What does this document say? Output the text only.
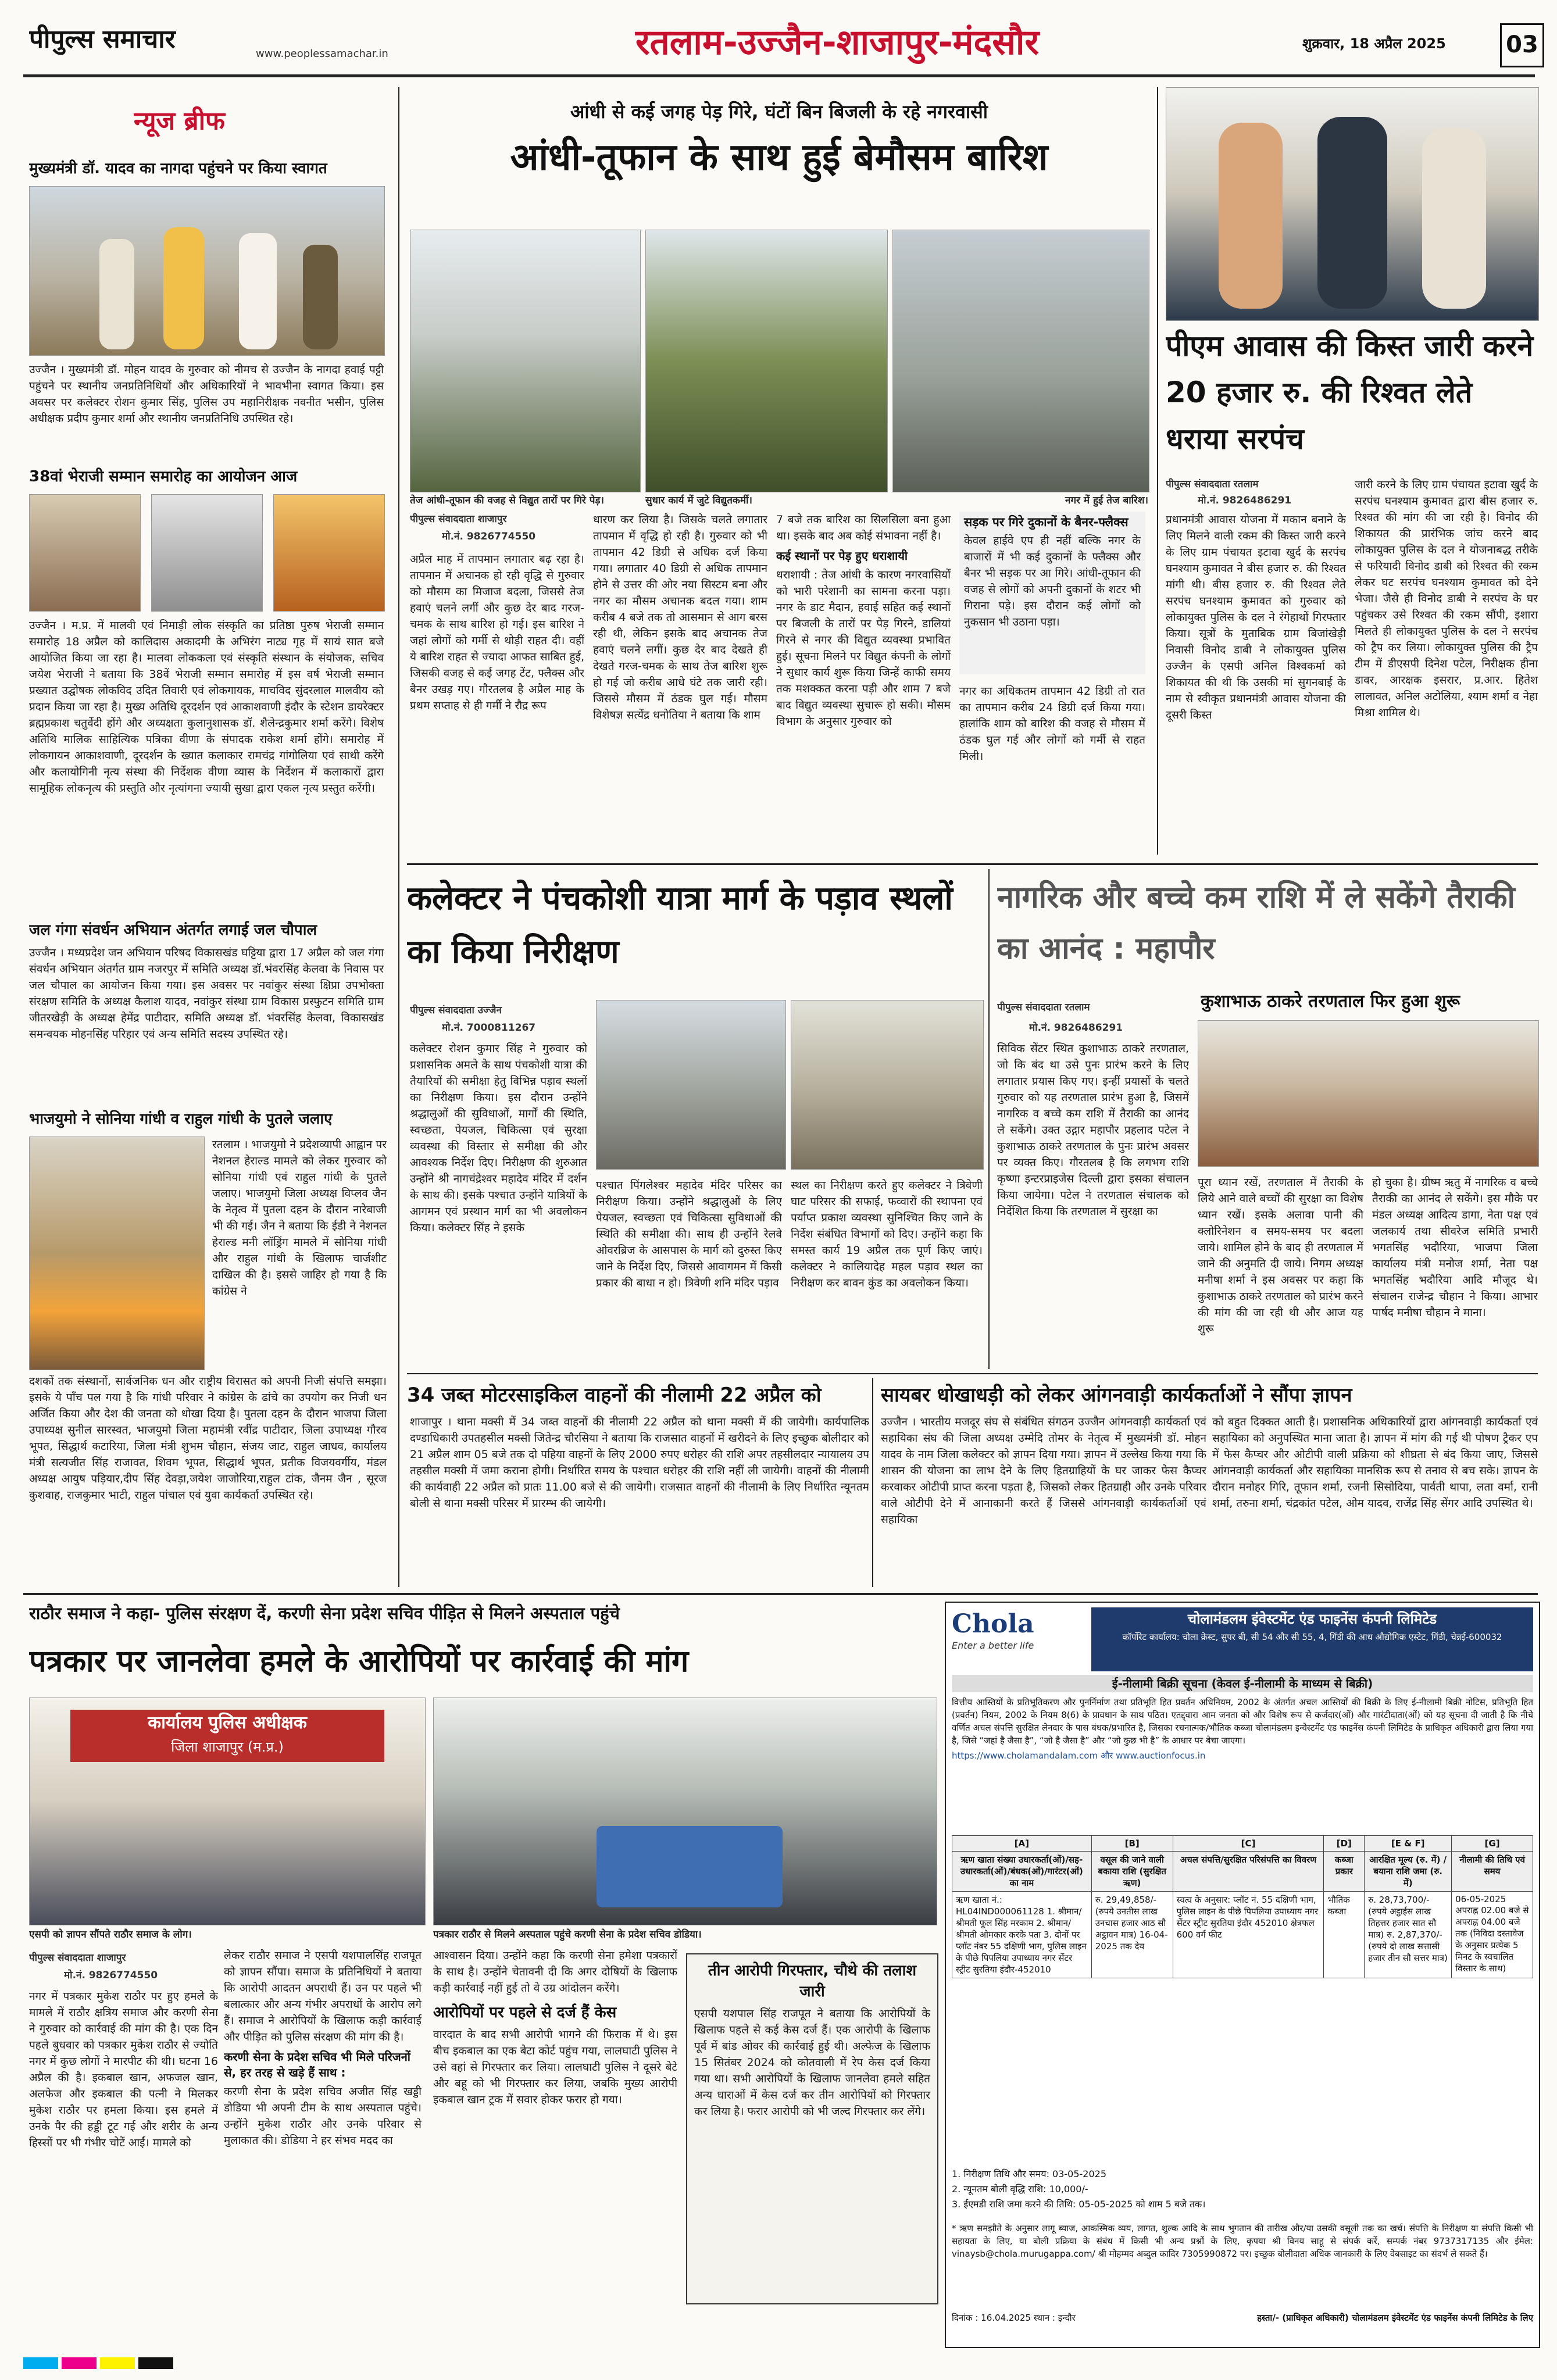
पीपुल्स समाचार	www.peoplessamachar.in	रतलाम-उज्जैन-शाजापुर-मंदसौर	शुक्रवार, 18 अप्रैल 2025	03
न्यूज ब्रीफ
मुख्यमंत्री डॉ. यादव का नागदा पहुंचने पर किया स्वागत
उज्जैन । मुख्यमंत्री डॉ. मोहन यादव के गुरुवार को नीमच से उज्जैन के नागदा हवाई पट्टी पहुंचने पर स्थानीय जनप्रतिनिधियों और अधिकारियों ने भावभीना स्वागत किया। इस अवसर पर कलेक्टर रोशन कुमार सिंह, पुलिस उप महानिरीक्षक नवनीत भसीन, पुलिस अधीक्षक प्रदीप कुमार शर्मा और स्थानीय जनप्रतिनिधि उपस्थित रहे।
38वां भेराजी सम्मान समारोह का आयोजन आज
उज्जैन । म.प्र. में मालवी एवं निमाड़ी लोक संस्कृति का प्रतिष्ठा पुरुष भेराजी सम्मान समारोह 18 अप्रैल को कालिदास अकादमी के अभिरंग नाट्य गृह में सायं सात बजे आयोजित किया जा रहा है। मालवा लोककला एवं संस्कृति संस्थान के संयोजक, सचिव जयेश भेराजी ने बताया कि 38वें भेराजी सम्मान समारोह में इस वर्ष भेराजी सम्मान प्रख्यात उद्घोषक लोकविद उदित तिवारी एवं लोकगायक, माचविद सुंदरलाल मालवीय को प्रदान किया जा रहा है। मुख्य अतिथि दूरदर्शन एवं आकाशवाणी इंदौर के स्टेशन डायरेक्टर ब्रह्मप्रकाश चतुर्वेदी होंगे और अध्यक्षता कुलानुशासक डॉ. शैलेन्द्रकुमार शर्मा करेंगे। विशेष अतिथि मालिक साहित्यिक पत्रिका वीणा के संपादक राकेश शर्मा होंगे। समारोह में लोकगायन आकाशवाणी, दूरदर्शन के ख्यात कलाकार रामचंद्र गांगोलिया एवं साथी करेंगे और कलायोगिनी नृत्य संस्था की निर्देशक वीणा व्यास के निर्देशन में कलाकारों द्वारा सामूहिक लोकनृत्य की प्रस्तुति और नृत्यांगना ज्यायी सुखा द्वारा एकल नृत्य प्रस्तुत करेंगी।
जल गंगा संवर्धन अभियान अंतर्गत लगाई जल चौपाल
उज्जैन । मध्यप्रदेश जन अभियान परिषद विकासखंड घट्टिया द्वारा 17 अप्रैल को जल गंगा संवर्धन अभियान अंतर्गत ग्राम नजरपुर में समिति अध्यक्ष डॉ.भंवरसिंह केलवा के निवास पर जल चौपाल का आयोजन किया गया। इस अवसर पर नवांकुर संस्था क्षिप्रा उपभोक्ता संरक्षण समिति के अध्यक्ष कैलाश यादव, नवांकुर संस्था ग्राम विकास प्रस्फुटन समिति ग्राम जीतरखेड़ी के अध्यक्ष हेमेंद्र पाटीदार, समिति अध्यक्ष डॉ. भंवरसिंह केलवा, विकासखंड समन्वयक मोहनसिंह परिहार एवं अन्य समिति सदस्य उपस्थित रहे।
भाजयुमो ने सोनिया गांधी व राहुल गांधी के पुतले जलाए
रतलाम । भाजयुमो ने प्रदेशव्यापी आह्वान पर नेशनल हेराल्ड मामले को लेकर गुरुवार को सोनिया गांधी एवं राहुल गांधी के पुतले जलाए। भाजयुमो जिला अध्यक्ष विप्लव जैन के नेतृत्व में पुतला दहन के दौरान नारेबाजी भी की गई। जैन ने बताया कि ईडी ने नेशनल हेराल्ड मनी लॉड्रिंग मामले में सोनिया गांधी और राहुल गांधी के खिलाफ चार्जशीट दाखिल की है। इससे जाहिर हो गया है कि कांग्रेस ने
दशकों तक संस्थानों, सार्वजनिक धन और राष्ट्रीय विरासत को अपनी निजी संपत्ति समझा। इसके ये पाँच पल गया है कि गांधी परिवार ने कांग्रेस के ढांचे का उपयोग कर निजी धन अर्जित किया और देश की जनता को धोखा दिया है। पुतला दहन के दौरान भाजपा जिला उपाध्यक्ष सुनील सारस्वत, भाजयुमो जिला महामंत्री रवींद्र पाटीदार, जिला उपाध्यक्ष गौरव भूपत, सिद्धार्थ कटारिया, जिला मंत्री शुभम चौहान, संजय जाट, राहुल जाधव, कार्यालय मंत्री सत्यजीत सिंह राजावत, शिवम भूपत, सिद्धार्थ भूपत, प्रतीक विजयवर्गीय, मंडल अध्यक्ष आयुष पड़ियार,दीप सिंह देवड़ा,जयेश जाजोरिया,राहुल टांक, जैनम जैन , सूरज कुशवाह, राजकुमार भाटी, राहुल पांचाल एवं युवा कार्यकर्ता उपस्थित रहे।
आंधी से कई जगह पेड़ गिरे, घंटों बिन बिजली के रहे नगरवासी
आंधी-तूफान के साथ हुई बेमौसम बारिश
तेज आंधी-तूफान की वजह से विद्युत तारों पर गिरे पेड़।	सुधार कार्य में जुटे विद्युतकर्मी।	नगर में हुई तेज बारिश।
पीपुल्स संवाददाता शाजापुर
मो.नं. 9826774550
अप्रैल माह में तापमान लगातार बढ़ रहा है। तापमान में अचानक हो रही वृद्धि से गुरुवार को मौसम का मिजाज बदला, जिससे तेज हवाएं चलने लगीं और कुछ देर बाद गरज-चमक के साथ बारिश हो गई। इस बारिश ने जहां लोगों को गर्मी से थोड़ी राहत दी। वहीं ये बारिश राहत से ज्यादा आफत साबित हुई, जिसकी वजह से कई जगह टेंट, फ्लैक्स और बैनर उखड़ गए। गौरतलब है अप्रैल माह के प्रथम सप्ताह से ही गर्मी ने रौद्र रूप
धारण कर लिया है। जिसके चलते लगातार तापमान में वृद्धि हो रही है। गुरुवार को भी तापमान 42 डिग्री से अधिक दर्ज किया गया। लगातार 40 डिग्री से अधिक तापमान होने से उत्तर की ओर नया सिस्टम बना और नगर का मौसम अचानक बदल गया। शाम करीब 4 बजे तक तो आसमान से आग बरस रही थी, लेकिन इसके बाद अचानक तेज हवाएं चलने लगीं। कुछ देर बाद देखते ही देखते गरज-चमक के साथ तेज बारिश शुरू हो गई जो करीब आधे घंटे तक जारी रही। जिससे मौसम में ठंडक घुल गई। मौसम विशेषज्ञ सत्येंद्र धनोतिया ने बताया कि शाम
7 बजे तक बारिश का सिलसिला बना हुआ था। इसके बाद अब कोई संभावना नहीं है।
कई स्थानों पर पेड़ हुए धराशायी
धराशायी : तेज आंधी के कारण नगरवासियों को भारी परेशानी का सामना करना पड़ा। नगर के डाट मैदान, हवाई सहित कई स्थानों पर बिजली के तारों पर पेड़ गिरने, डालियां गिरने से नगर की विद्युत व्यवस्था प्रभावित हुई। सूचना मिलने पर विद्युत कंपनी के लोगों ने सुधार कार्य शुरू किया जिन्हें काफी समय तक मशक्कत करना पड़ी और शाम 7 बजे बाद विद्युत व्यवस्था सुचारू हो सकी। मौसम विभाग के अनुसार गुरुवार को
सड़क पर गिरे दुकानों के बैनर-फ्लैक्स
केवल हाईवे एप ही नहीं बल्कि नगर के बाजारों में भी कई दुकानों के फ्लैक्स और बैनर भी सड़क पर आ गिरे। आंधी-तूफान की वजह से लोगों को अपनी दुकानों के शटर भी गिराना पड़े। इस दौरान कई लोगों को नुकसान भी उठाना पड़ा।
नगर का अधिकतम तापमान 42 डिग्री तो रात का तापमान करीब 24 डिग्री दर्ज किया गया। हालांकि शाम को बारिश की वजह से मौसम में ठंडक घुल गई और लोगों को गर्मी से राहत मिली।
पीएम आवास की किस्त जारी करने 20 हजार रु. की रिश्वत लेते धराया सरपंच
पीपुल्स संवाददाता रतलाम
मो.नं. 9826486291
प्रधानमंत्री आवास योजना में मकान बनाने के लिए मिलने वाली रकम की किस्त जारी करने के लिए ग्राम पंचायत इटावा खुर्द के सरपंच घनश्याम कुमावत ने बीस हजार रु. की रिश्वत मांगी थी। बीस हजार रु. की रिश्वत लेते सरपंच घनश्याम कुमावत को गुरुवार को लोकायुक्त पुलिस के दल ने रंगेहाथों गिरफ्तार किया। सूत्रों के मुताबिक ग्राम बिजांखेड़ी निवासी विनोद डाबी ने लोकायुक्त पुलिस उज्जैन के एसपी अनिल विश्वकर्मा को शिकायत की थी कि उसकी मां सुगनबाई के नाम से स्वीकृत प्रधानमंत्री आवास योजना की दूसरी किस्त
जारी करने के लिए ग्राम पंचायत इटावा खुर्द के सरपंच घनश्याम कुमावत द्वारा बीस हजार रु. रिश्वत की मांग की जा रही है। विनोद की शिकायत की प्रारंभिक जांच करने बाद लोकायुक्त पुलिस के दल ने योजनाबद्ध तरीके से फरियादी विनोद डाबी को रिश्वत की रकम लेकर घट सरपंच घनश्याम कुमावत को देने भेजा। जैसे ही विनोद डाबी ने सरपंच के घर पहुंचकर उसे रिश्वत की रकम सौंपी, इशारा मिलते ही लोकायुक्त पुलिस के दल ने सरपंच को ट्रैप कर लिया। लोकायुक्त पुलिस की ट्रैप टीम में डीएसपी दिनेश पटेल, निरीक्षक हीना डावर, आरक्षक इसरार, प्र.आर. हितेश लालावत, अनिल अटोलिया, श्याम शर्मा व नेहा मिश्रा शामिल थे।
कलेक्टर ने पंचकोशी यात्रा मार्ग के पड़ाव स्थलों का किया निरीक्षण
पीपुल्स संवाददाता उज्जैन
मो.नं. 7000811267
कलेक्टर रोशन कुमार सिंह ने गुरुवार को प्रशासनिक अमले के साथ पंचकोशी यात्रा की तैयारियों की समीक्षा हेतु विभिन्न पड़ाव स्थलों का निरीक्षण किया। इस दौरान उन्होंने श्रद्धालुओं की सुविधाओं, मार्गों की स्थिति, स्वच्छता, पेयजल, चिकित्सा एवं सुरक्षा व्यवस्था की विस्तार से समीक्षा की और आवश्यक निर्देश दिए। निरीक्षण की शुरुआत उन्होंने श्री नागचंद्रेश्वर महादेव मंदिर में दर्शन के साथ की। इसके पश्चात उन्होंने यात्रियों के आगमन एवं प्रस्थान मार्ग का भी अवलोकन किया। कलेक्टर सिंह ने इसके
पश्चात पिंगलेश्वर महादेव मंदिर परिसर का निरीक्षण किया। उन्होंने श्रद्धालुओं के लिए पेयजल, स्वच्छता एवं चिकित्सा सुविधाओं की स्थिति की समीक्षा की। साथ ही उन्होंने रेलवे ओवरब्रिज के आसपास के मार्ग को दुरुस्त किए जाने के निर्देश दिए, जिससे आवागमन में किसी प्रकार की बाधा न हो। त्रिवेणी शनि मंदिर पड़ाव
स्थल का निरीक्षण करते हुए कलेक्टर ने त्रिवेणी घाट परिसर की सफाई, फव्वारों की स्थापना एवं पर्याप्त प्रकाश व्यवस्था सुनिश्चित किए जाने के निर्देश संबंधित विभागों को दिए। उन्होंने कहा कि समस्त कार्य 19 अप्रैल तक पूर्ण किए जाएं। कलेक्टर ने कालियादेह महल पड़ाव स्थल का निरीक्षण कर बावन कुंड का अवलोकन किया।
नागरिक और बच्चे कम राशि में ले सकेंगे तैराकी का आनंद : महापौर
कुशाभाऊ ठाकरे तरणताल फिर हुआ शुरू
पीपुल्स संवाददाता रतलाम
मो.नं. 9826486291
सिविक सेंटर स्थित कुशाभाऊ ठाकरे तरणताल, जो कि बंद था उसे पुनः प्रारंभ करने के लिए लगातार प्रयास किए गए। इन्हीं प्रयासों के चलते गुरुवार को यह तरणताल प्रारंभ हुआ है, जिसमें नागरिक व बच्चे कम राशि में तैराकी का आनंद ले सकेंगे। उक्त उद्गार महापौर प्रहलाद पटेल ने कुशाभाऊ ठाकरे तरणताल के पुनः प्रारंभ अवसर पर व्यक्त किए। गौरतलब है कि लगभग राशि कृष्णा इन्टरप्राइजेस दिल्ली द्वारा इसका संचालन किया जायेगा। पटेल ने तरणताल संचालक को निर्देशित किया कि तरणताल में सुरक्षा का
पूरा ध्यान रखें, तरणताल में तैराकी के लिये आने वाले बच्चों की सुरक्षा का विशेष ध्यान रखें। इसके अलावा पानी की क्लोरिनेशन व समय-समय पर बदला जाये। शामिल होने के बाद ही तरणताल में जाने की अनुमति दी जाये। निगम अध्यक्ष मनीषा शर्मा ने इस अवसर पर कहा कि कुशाभाऊ ठाकरे तरणताल को प्रारंभ करने की मांग की जा रही थी और आज यह शुरू
हो चुका है। ग्रीष्म ऋतु में नागरिक व बच्चे तैराकी का आनंद ले सकेंगे। इस मौके पर मंडल अध्यक्ष आदित्य डागा, नेता पक्ष एवं जलकार्य तथा सीवरेज समिति प्रभारी भगतसिंह भदौरिया, भाजपा जिला कार्यालय मंत्री मनोज शर्मा, नेता पक्ष भगतसिंह भदौरिया आदि मौजूद थे। संचालन राजेन्द्र चौहान ने किया। आभार पार्षद मनीषा चौहान ने माना।
34 जब्त मोटरसाइकिल वाहनों की नीलामी 22 अप्रैल को
शाजापुर । थाना मक्सी में 34 जब्त वाहनों की नीलामी 22 अप्रैल को थाना मक्सी में की जायेगी। कार्यपालिक दण्डाधिकारी उपतहसील मक्सी जितेन्द्र चौरसिया ने बताया कि राजसात वाहनों में खरीदने के लिए इच्छुक बोलीदार को 21 अप्रैल शाम 05 बजे तक दो पहिया वाहनों के लिए 2000 रुपए धरोहर की राशि अपर तहसीलदार न्यायालय उप तहसील मक्सी में जमा कराना होगी। निर्धारित समय के पश्चात धरोहर की राशि नहीं ली जायेगी। वाहनों की नीलामी की कार्यवाही 22 अप्रैल को प्रातः 11.00 बजे से की जायेगी। राजसात वाहनों की नीलामी के लिए निर्धारित न्यूनतम बोली से थाना मक्सी परिसर में प्रारम्भ की जायेगी।
सायबर धोखाधड़ी को लेकर आंगनवाड़ी कार्यकर्ताओं ने सौंपा ज्ञापन
उज्जैन । भारतीय मजदूर संघ से संबंधित संगठन उज्जैन आंगनवाड़ी कार्यकर्ता एवं सहायिका संघ की जिला अध्यक्ष उम्मेदि तोमर के नेतृत्व में मुख्यमंत्री डॉ. मोहन यादव के नाम जिला कलेक्टर को ज्ञापन दिया गया। ज्ञापन में उल्लेख किया गया कि शासन की योजना का लाभ देने के लिए हितग्राहियों के घर जाकर फेस कैप्चर करवाकर ओटीपी प्राप्त करना पड़ता है, जिसको लेकर हितग्राही और उनके परिवार वाले ओटीपी देने में आनाकानी करते हैं जिससे आंगनवाड़ी कार्यकर्ताओं एवं सहायिका
को बहुत दिक्कत आती है। प्रशासनिक अधिकारियों द्वारा आंगनवाड़ी कार्यकर्ता एवं सहायिका को अनुपस्थित माना जाता है। ज्ञापन में मांग की गई थी पोषण ट्रैकर एप में फेस कैप्चर और ओटीपी वाली प्रक्रिया को शीघ्रता से बंद किया जाए, जिससे आंगनवाड़ी कार्यकर्ता और सहायिका मानसिक रूप से तनाव से बच सके। ज्ञापन के दौरान मनोहर गिरि, तूफान शर्मा, रजनी सिसोदिया, पार्वती थापा, लता वर्मा, रानी शर्मा, तरुना शर्मा, चंद्रकांत पटेल, ओम यादव, राजेंद्र सिंह सेंगर आदि उपस्थित थे।
राठौर समाज ने कहा- पुलिस संरक्षण दें, करणी सेना प्रदेश सचिव पीड़ित से मिलने अस्पताल पहुंचे
पत्रकार पर जानलेवा हमले के आरोपियों पर कार्रवाई की मांग
कार्यालय पुलिस अधीक्षक
जिला शाजापुर (म.प्र.)
एसपी को ज्ञापन सौंपते राठौर समाज के लोग।	पत्रकार राठौर से मिलने अस्पताल पहुंचे करणी सेना के प्रदेश सचिव डोडिया।
पीपुल्स संवाददाता शाजापुर
मो.नं. 9826774550
नगर में पत्रकार मुकेश राठौर पर हुए हमले के मामले में राठौर क्षत्रिय समाज और करणी सेना ने गुरुवार को कार्रवाई की मांग की है। एक दिन पहले बुधवार को पत्रकार मुकेश राठौर से ज्योति नगर में कुछ लोगों ने मारपीट की थी। घटना 16 अप्रैल की है। इकबाल खान, अफजल खान, अलफेज और इकबाल की पत्नी ने मिलकर मुकेश राठौर पर हमला किया। इस हमले में उनके पैर की हड्डी टूट गई और शरीर के अन्य हिस्सों पर भी गंभीर चोटें आईं। मामले को
लेकर राठौर समाज ने एसपी यशपालसिंह राजपूत को ज्ञापन सौंपा। समाज के प्रतिनिधियों ने बताया कि आरोपी आदतन अपराधी हैं। उन पर पहले भी बलात्कार और अन्य गंभीर अपराधों के आरोप लगे हैं। समाज ने आरोपियों के खिलाफ कड़ी कार्रवाई और पीड़ित को पुलिस संरक्षण की मांग की है।
करणी सेना के प्रदेश सचिव भी मिले परिजनों से, हर तरह से खड़े हैं साथ :
करणी सेना के प्रदेश सचिव अजीत सिंह खड्डी डोडिया भी अपनी टीम के साथ अस्पताल पहुंचे। उन्होंने मुकेश राठौर और उनके परिवार से मुलाकात की। डोडिया ने हर संभव मदद का
आश्वासन दिया। उन्होंने कहा कि करणी सेना हमेशा पत्रकारों के साथ है। उन्होंने चेतावनी दी कि अगर दोषियों के खिलाफ कड़ी कार्रवाई नहीं हुई तो वे उग्र आंदोलन करेंगे।
आरोपियों पर पहले से दर्ज हैं केस
वारदात के बाद सभी आरोपी भागने की फिराक में थे। इस बीच इकबाल का एक बेटा कोर्ट पहुंच गया, लालघाटी पुलिस ने उसे वहां से गिरफ्तार कर लिया। लालघाटी पुलिस ने दूसरे बेटे और बहू को भी गिरफ्तार कर लिया, जबकि मुख्य आरोपी इकबाल खान ट्रक में सवार होकर फरार हो गया।
तीन आरोपी गिरफ्तार, चौथे की तलाश जारी
एसपी यशपाल सिंह राजपूत ने बताया कि आरोपियों के खिलाफ पहले से कई केस दर्ज हैं। एक आरोपी के खिलाफ पूर्व में बांड ओवर की कार्रवाई हुई थी। अल्फेज के खिलाफ 15 सितंबर 2024 को कोतवाली में रेप केस दर्ज किया गया था। सभी आरोपियों के खिलाफ जानलेवा हमले सहित अन्य धाराओं में केस दर्ज कर तीन आरोपियों को गिरफ्तार कर लिया है। फरार आरोपी को भी जल्द गिरफ्तार कर लेंगे।
Chola
Enter a better life
चोलामंडलम इंवेस्टमेंट एंड फाइनेंस कंपनी लिमिटेड
कॉर्पोरेट कार्यालय: चोला क्रेस्ट, सुपर बी, सी 54 और सी 55, 4, गिंडी की आध औद्योगिक एस्टेट, गिंडी, चेन्नई-600032
ई-नीलामी बिक्री सूचना (केवल ई-नीलामी के माध्यम से बिक्री)
वित्तीय आस्तियों के प्रतिभूतिकरण और पुनर्निर्माण तथा प्रतिभूति हित प्रवर्तन अधिनियम, 2002 के अंतर्गत अचल आस्तियों की बिक्री के लिए ई-नीलामी बिक्री नोटिस, प्रतिभूति हित (प्रवर्तन) नियम, 2002 के नियम 8(6) के प्रावधान के साथ पठित। एतद्द्वारा आम जनता को और विशेष रूप से कर्जदार(ओं) और गारंटीदाता(ओं) को यह सूचना दी जाती है कि नीचे वर्णित अचल संपत्ति सुरक्षित लेनदार के पास बंधक/प्रभारित है, जिसका रचनात्मक/भौतिक कब्जा चोलामंडलम इन्वेस्टमेंट एंड फाइनेंस कंपनी लिमिटेड के प्राधिकृत अधिकारी द्वारा लिया गया है, जिसे “जहां है जैसा है”, “जो है जैसा है” और “जो कुछ भी है” के आधार पर बेचा जाएगा।
https://www.cholamandalam.com और www.auctionfocus.in
[A]	[B]	[C]	[D]	[E & F]	[G]
ऋण खाता संख्या उधारकर्ता(ओं)/सह-उधारकर्ता(ओं)/बंधक(ओं)/गारंटर(ओं) का नाम	वसूल की जाने वाली बकाया राशि (सुरक्षित ऋण)	अचल संपत्ति/सुरक्षित परिसंपत्ति का विवरण	कब्जा प्रकार	आरक्षित मूल्य (रु. में) / बयाना राशि जमा (रु. में)	नीलामी की तिथि एवं समय
ऋण खाता नं.: HL04IND000061128 1. श्रीमान/श्रीमती फूल सिंह मरकाम 2. श्रीमान/श्रीमती ओमकार करके पता 3. दोनों पर प्लॉट नंबर 55 दक्षिणी भाग, पुलिस लाइन के पीछे पिपलिया उपाध्याय नगर सेंटर स्ट्रीट सुरतिया इंदौर-452010	रु. 29,49,858/- (रुपये उनतीस लाख उनचास हजार आठ सौ अट्ठावन मात्र) 16-04-2025 तक देय	स्वत्व के अनुसार: प्लॉट नं. 55 दक्षिणी भाग, पुलिस लाइन के पीछे पिपलिया उपाध्याय नगर सेंटर स्ट्रीट सुरतिया इंदौर 452010 क्षेत्रफल 600 वर्ग फीट	भौतिक कब्जा	रु. 28,73,700/- (रुपये अट्ठाईस लाख तिहत्तर हजार सात सौ मात्र) रु. 2,87,370/- (रुपये दो लाख सत्तासी हजार तीन सौ सत्तर मात्र)	06-05-2025 अपराह्न 02.00 बजे से अपराह्न 04.00 बजे तक (निविदा दस्तावेज के अनुसार प्रत्येक 5 मिनट के स्वचालित विस्तार के साथ)
1. निरीक्षण तिथि और समय: 03-05-2025
2. न्यूनतम बोली वृद्धि राशि: 10,000/-
3. ईएमडी राशि जमा करने की तिथि: 05-05-2025 को शाम 5 बजे तक।
* ऋण समझौते के अनुसार लागू ब्याज, आकस्मिक व्यय, लागत, शुल्क आदि के साथ भुगतान की तारीख और/या उसकी वसूली तक का खर्च। संपत्ति के निरीक्षण या संपत्ति किसी भी सहायता के लिए, या बोली प्रक्रिया के संबंध में किसी भी अन्य प्रश्नों के लिए, कृपया श्री विनय साहू से संपर्क करें, सम्पर्क नंबर 9737317135 और ईमेल: vinaysb@chola.murugappa.com/ श्री मोहम्मद अब्दुल कादिर 7305990872 पर। इच्छुक बोलीदाता अधिक जानकारी के लिए वेबसाइट का संदर्भ ले सकते हैं।
दिनांक : 16.04.2025 स्थान : इन्दौर	हस्ता/- (प्राधिकृत अधिकारी) चोलामंडलम इंवेस्टमेंट एंड फाइनेंस कंपनी लिमिटेड के लिए
